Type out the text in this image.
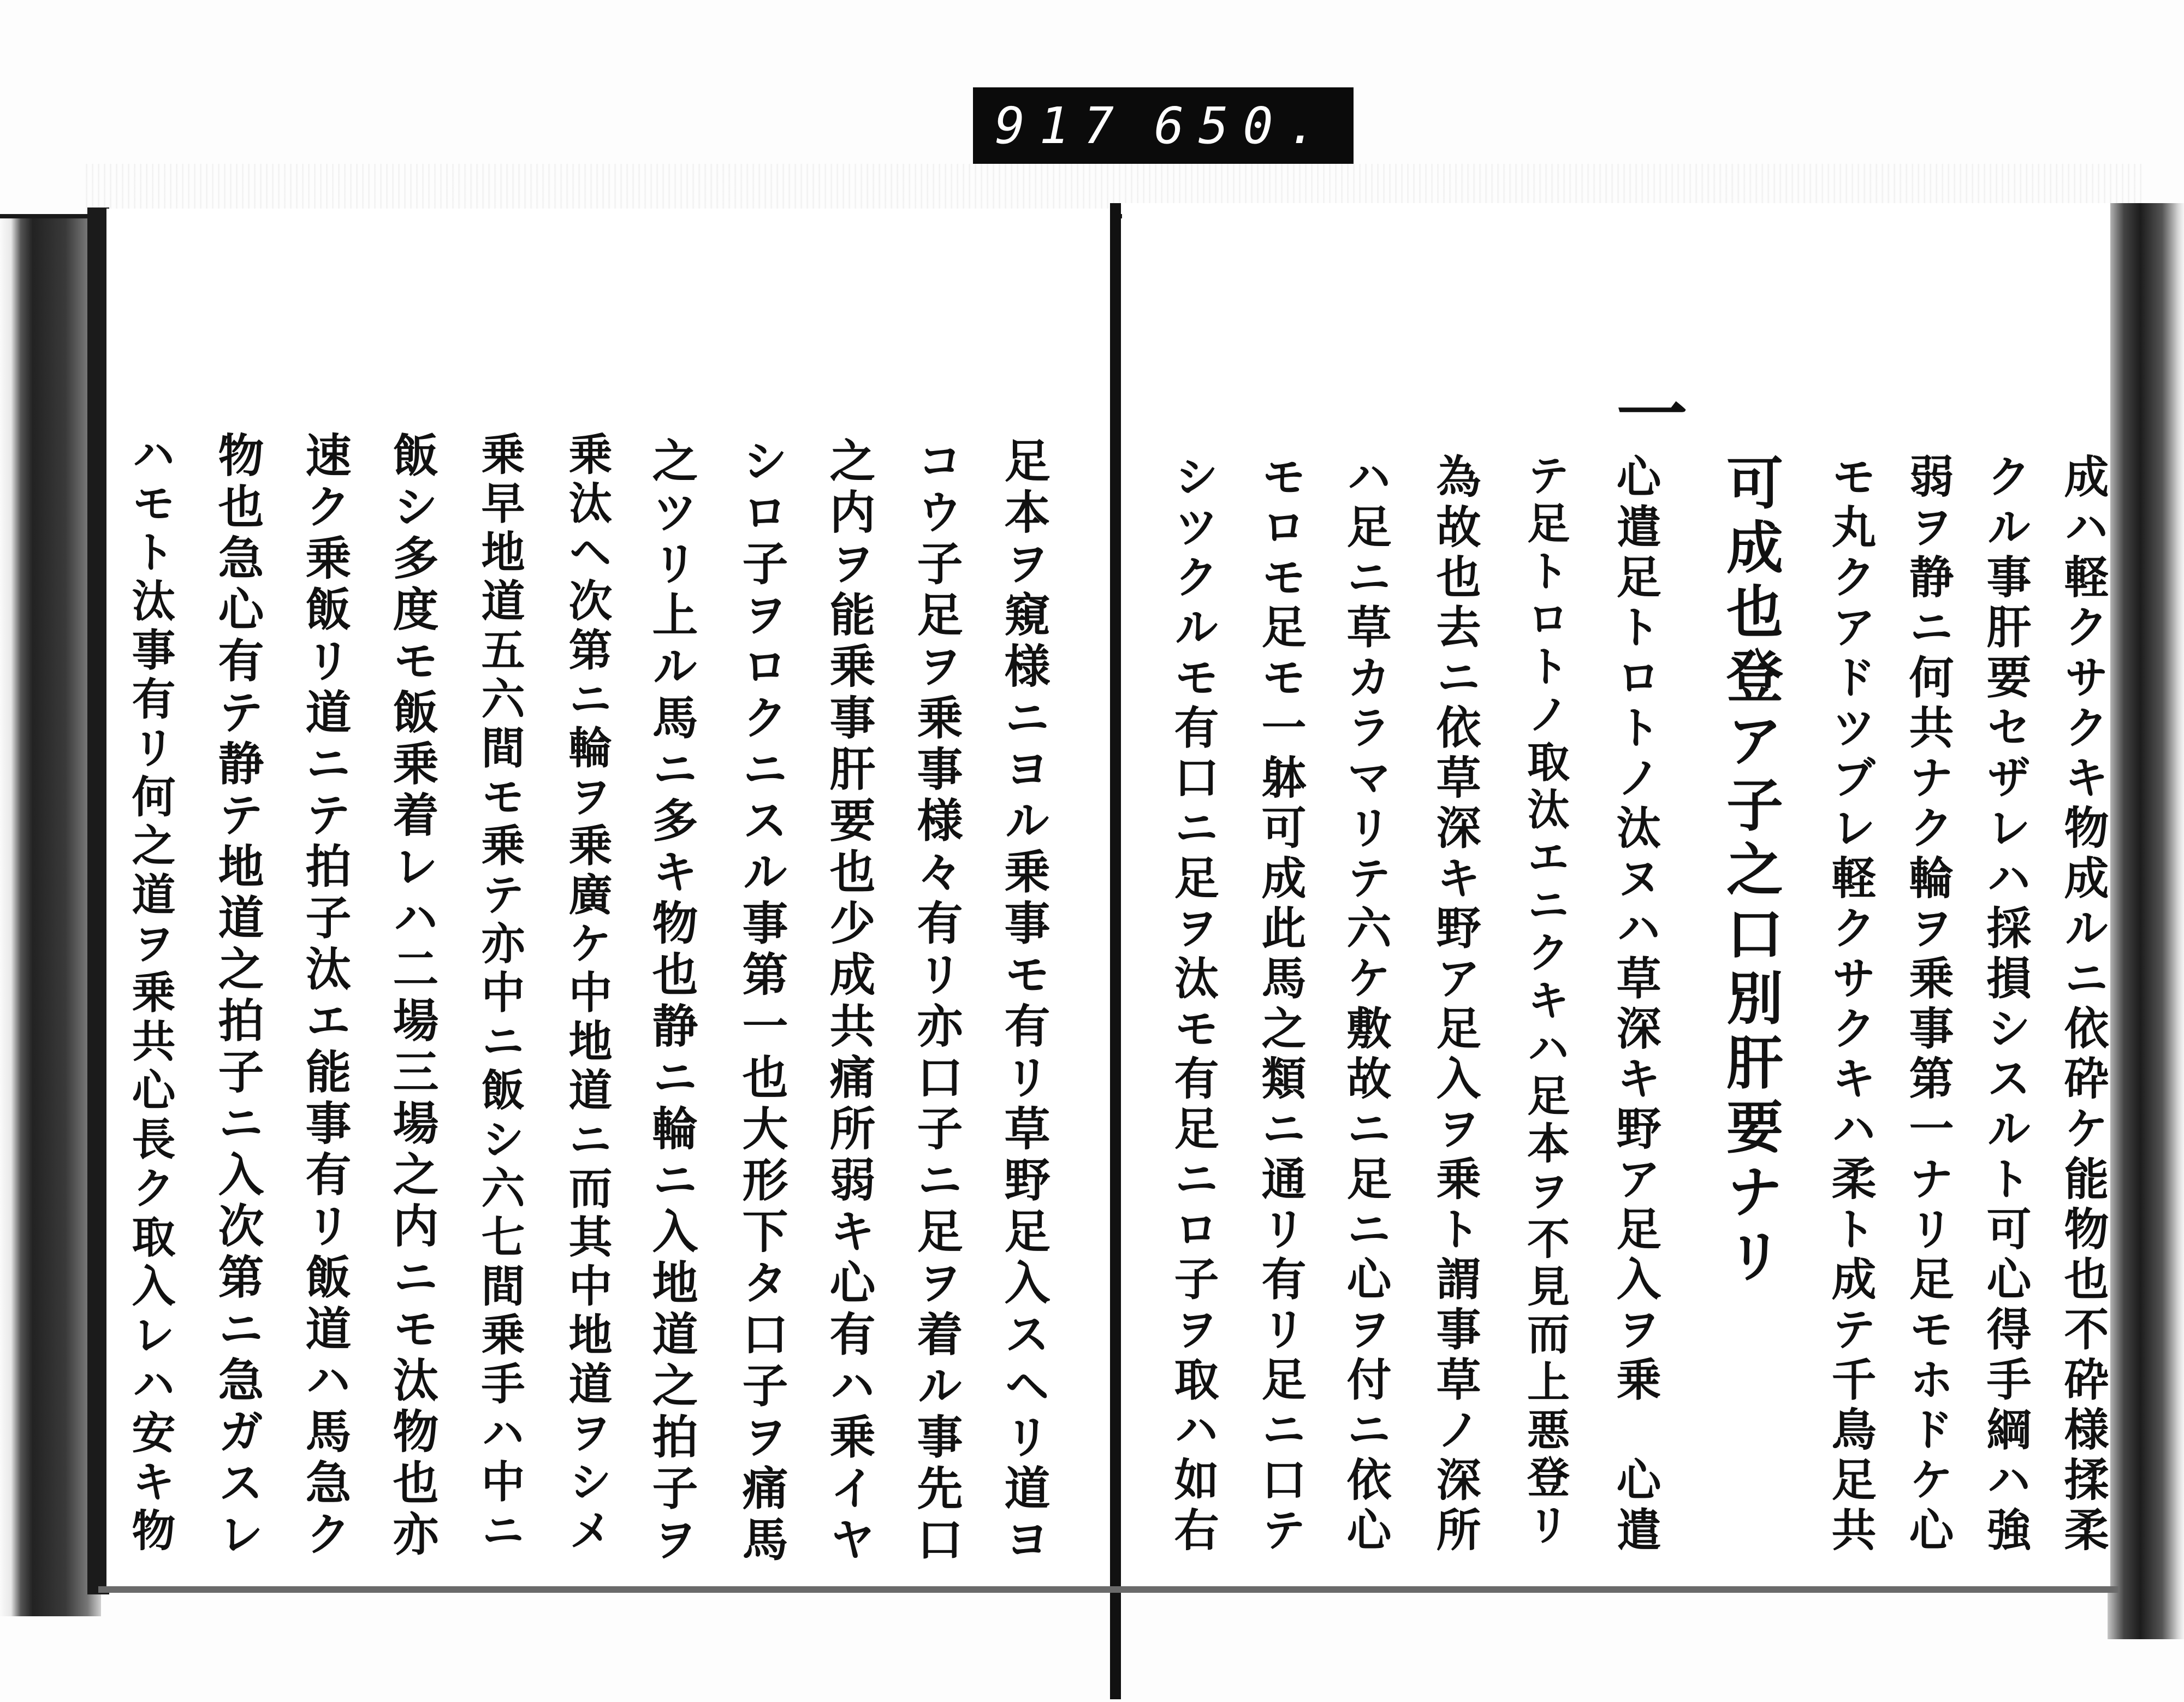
917 650.
成ハ軽クサクキ物成ルニ依砕ケ能物也不砕様揉柔
クル事肝要セザレハ採損シスルト可心得手綱ハ強
弱ヲ静ニ何共ナク輪ヲ乗事第一ナリ足モホドケ心
モ丸クアドツブレ軽クサクキハ柔ト成テ千鳥足共
可成也登ア子之口別肝要ナリ
一
心遣足トロトノ汰ヌハ草深キ野ア足入ヲ乗　心遣
テ足トロトノ取汰エニクキハ足本ヲ不見而上悪登リ
為故也去ニ依草深キ野ア足入ヲ乗ト謂事草ノ深所
ハ足ニ草カラマリテ六ケ敷故ニ足ニ心ヲ付ニ依心
モロモ足モ一躰可成此馬之類ニ通リ有リ足ニ口テ
シツクルモ有口ニ足ヲ汰モ有足ニロ子ヲ取ハ如右
足本ヲ窺様ニヨル乗事モ有リ草野足入スヘリ道ヨ
コウ子足ヲ乗事様々有リ亦口子ニ足ヲ着ル事先口
之内ヲ能乗事肝要也少成共痛所弱キ心有ハ乗イヤ
シロ子ヲロクニスル事第一也大形下タ口子ヲ痛馬
之ツリ上ル馬ニ多キ物也静ニ輪ニ入地道之拍子ヲ
乗汰ヘ次第ニ輪ヲ乗廣ケ中地道ニ而其中地道ヲシメ
乗早地道五六間モ乗テ亦中ニ飯シ六七間乗手ハ中ニ
飯シ多度モ飯乗着レハ二場三場之内ニモ汰物也亦
速ク乗飯リ道ニテ拍子汰エ能事有リ飯道ハ馬急ク
物也急心有テ静テ地道之拍子ニ入次第ニ急ガスレ
ハモト汰事有リ何之道ヲ乗共心長ク取入レハ安キ物
